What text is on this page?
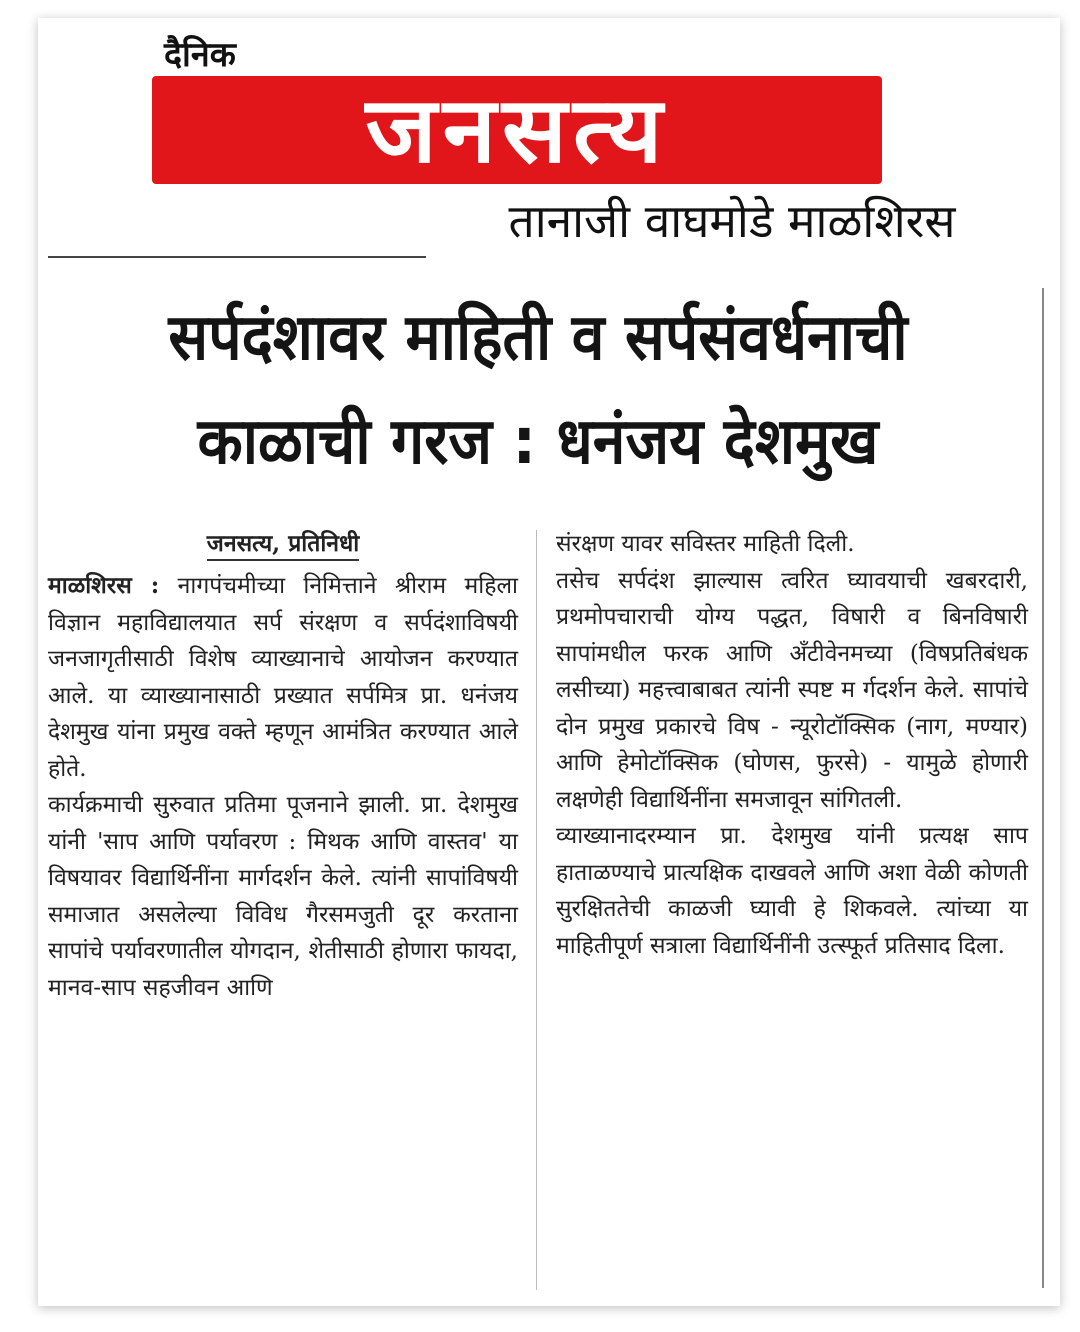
दैनिक
जनसत्य
तानाजी वाघमोडे माळशिरस
सर्पदंशावर माहिती व सर्पसंवर्धनाची
काळाची गरज : धनंजय देशमुख
जनसत्य, प्रतिनिधी

माळशिरस : नागपंचमीच्या निमित्ताने श्रीराम महिला विज्ञान महाविद्यालयात सर्प संरक्षण व सर्पदंशाविषयी जनजागृतीसाठी विशेष व्याख्यानाचे आयोजन करण्यात आले. या व्याख्यानासाठी प्रख्यात सर्पमित्र प्रा. धनंजय देशमुख यांना प्रमुख वक्ते म्हणून आमंत्रित करण्यात आले होते.

कार्यक्रमाची सुरुवात प्रतिमा पूजनाने झाली. प्रा. देशमुख यांनी 'साप आणि पर्यावरण : मिथक आणि वास्तव' या विषयावर विद्यार्थिनींना मार्गदर्शन केले. त्यांनी सापांविषयी समाजात असलेल्या विविध गैरसमजुती दूर करताना सापांचे पर्यावरणातील योगदान, शेतीसाठी होणारा फायदा, मानव-साप सहजीवन आणि

संरक्षण यावर सविस्तर माहिती दिली.

तसेच सर्पदंश झाल्यास त्वरित घ्यावयाची खबरदारी, प्रथमोपचाराची योग्य पद्धत, विषारी व बिनविषारी सापांमधील फरक आणि अँटीवेनमच्या (विषप्रतिबंधक लसीच्या) महत्त्वाबाबत त्यांनी स्पष्ट म र्गदर्शन केले. सापांचे दोन प्रमुख प्रकारचे विष - न्यूरोटॉक्सिक (नाग, मण्यार) आणि हेमोटॉक्सिक (घोणस, फुरसे) - यामुळे होणारी लक्षणेही विद्यार्थिनींना समजावून सांगितली.

व्याख्यानादरम्यान प्रा. देशमुख यांनी प्रत्यक्ष साप हाताळण्याचे प्रात्यक्षिक दाखवले आणि अशा वेळी कोणती सुरक्षिततेची काळजी घ्यावी हे शिकवले. त्यांच्या या माहितीपूर्ण सत्राला विद्यार्थिनींनी उत्स्फूर्त प्रतिसाद दिला.
